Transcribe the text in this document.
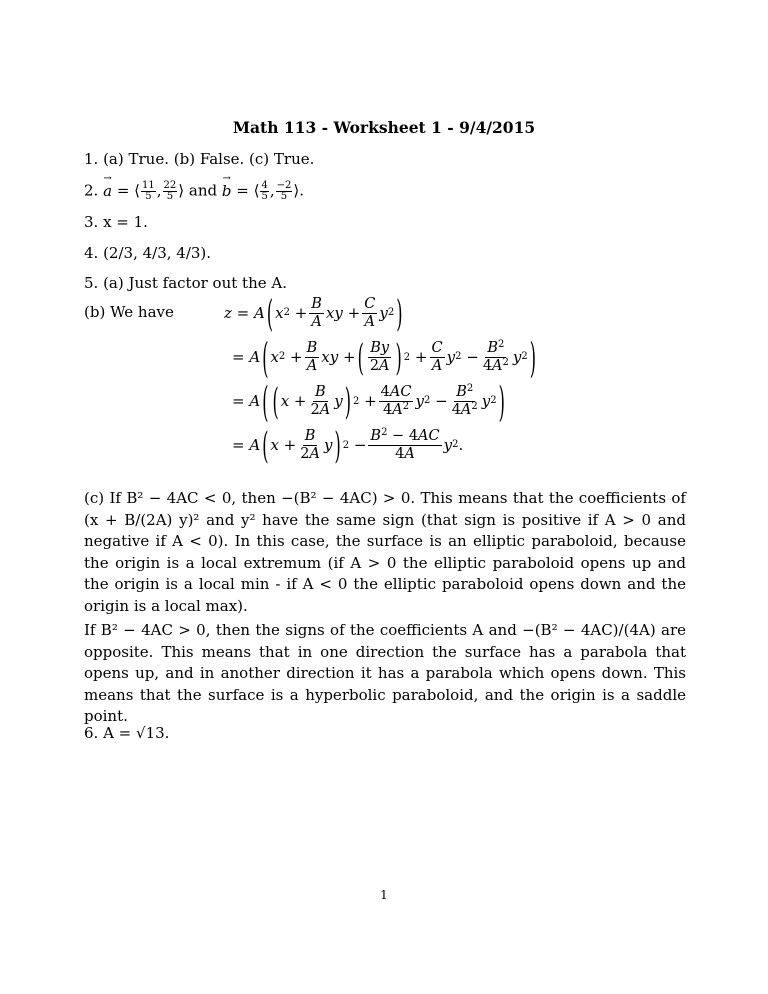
Math 113 - Worksheet 1 - 9/4/2015
1. (a) True. (b) False. (c) True.
2.
→
a = ⟨ $\frac{11}{5}$ , $\frac{22}{5}$ ⟩ and
→
b = ⟨ $\frac{4}{5}$ , $\frac{-2}{5}$ ⟩.
3. x = 1.
4. (2/3, 4/3, 4/3).
5. (a) Just factor out the A.
(b) We have	z = A ( x $2 + \frac{B}{A}$ xy + $\frac{C}{A}$ y 2 )
= A ( x $2 + \frac{B}{A}$ xy + ( $\frac{By}{2A}$ ) $2 + \frac{C}{A}$ y $2 - \frac{B^2}{4A^2}$ y 2 )
= A ( ( $x + \frac{B}{2A}$ y ) $2 + \frac{4AC}{4A^2}$ y $2 - \frac{B^2}{4A^2}$ y 2 )
= A ( $x + \frac{B}{2A}$ y ) $2 - \frac{B^2 - 4AC}{4A}$ y 2 .
(c) If B² − 4AC < 0, then −(B² − 4AC) > 0. This means that the coefficients of (x + B/(2A) y)² and y² have the same sign (that sign is positive if A > 0 and negative if A < 0). In this case, the surface is an elliptic paraboloid, because the origin is a local extremum (if A > 0 the elliptic paraboloid opens up and the origin is a local min - if A < 0 the elliptic paraboloid opens down and the origin is a local max).
If B² − 4AC > 0, then the signs of the coefficients A and −(B² − 4AC)/(4A) are opposite. This means that in one direction the surface has a parabola that opens up, and in another direction it has a parabola which opens down. This means that the surface is a hyperbolic paraboloid, and the origin is a saddle point.
6. A = √13.
1
